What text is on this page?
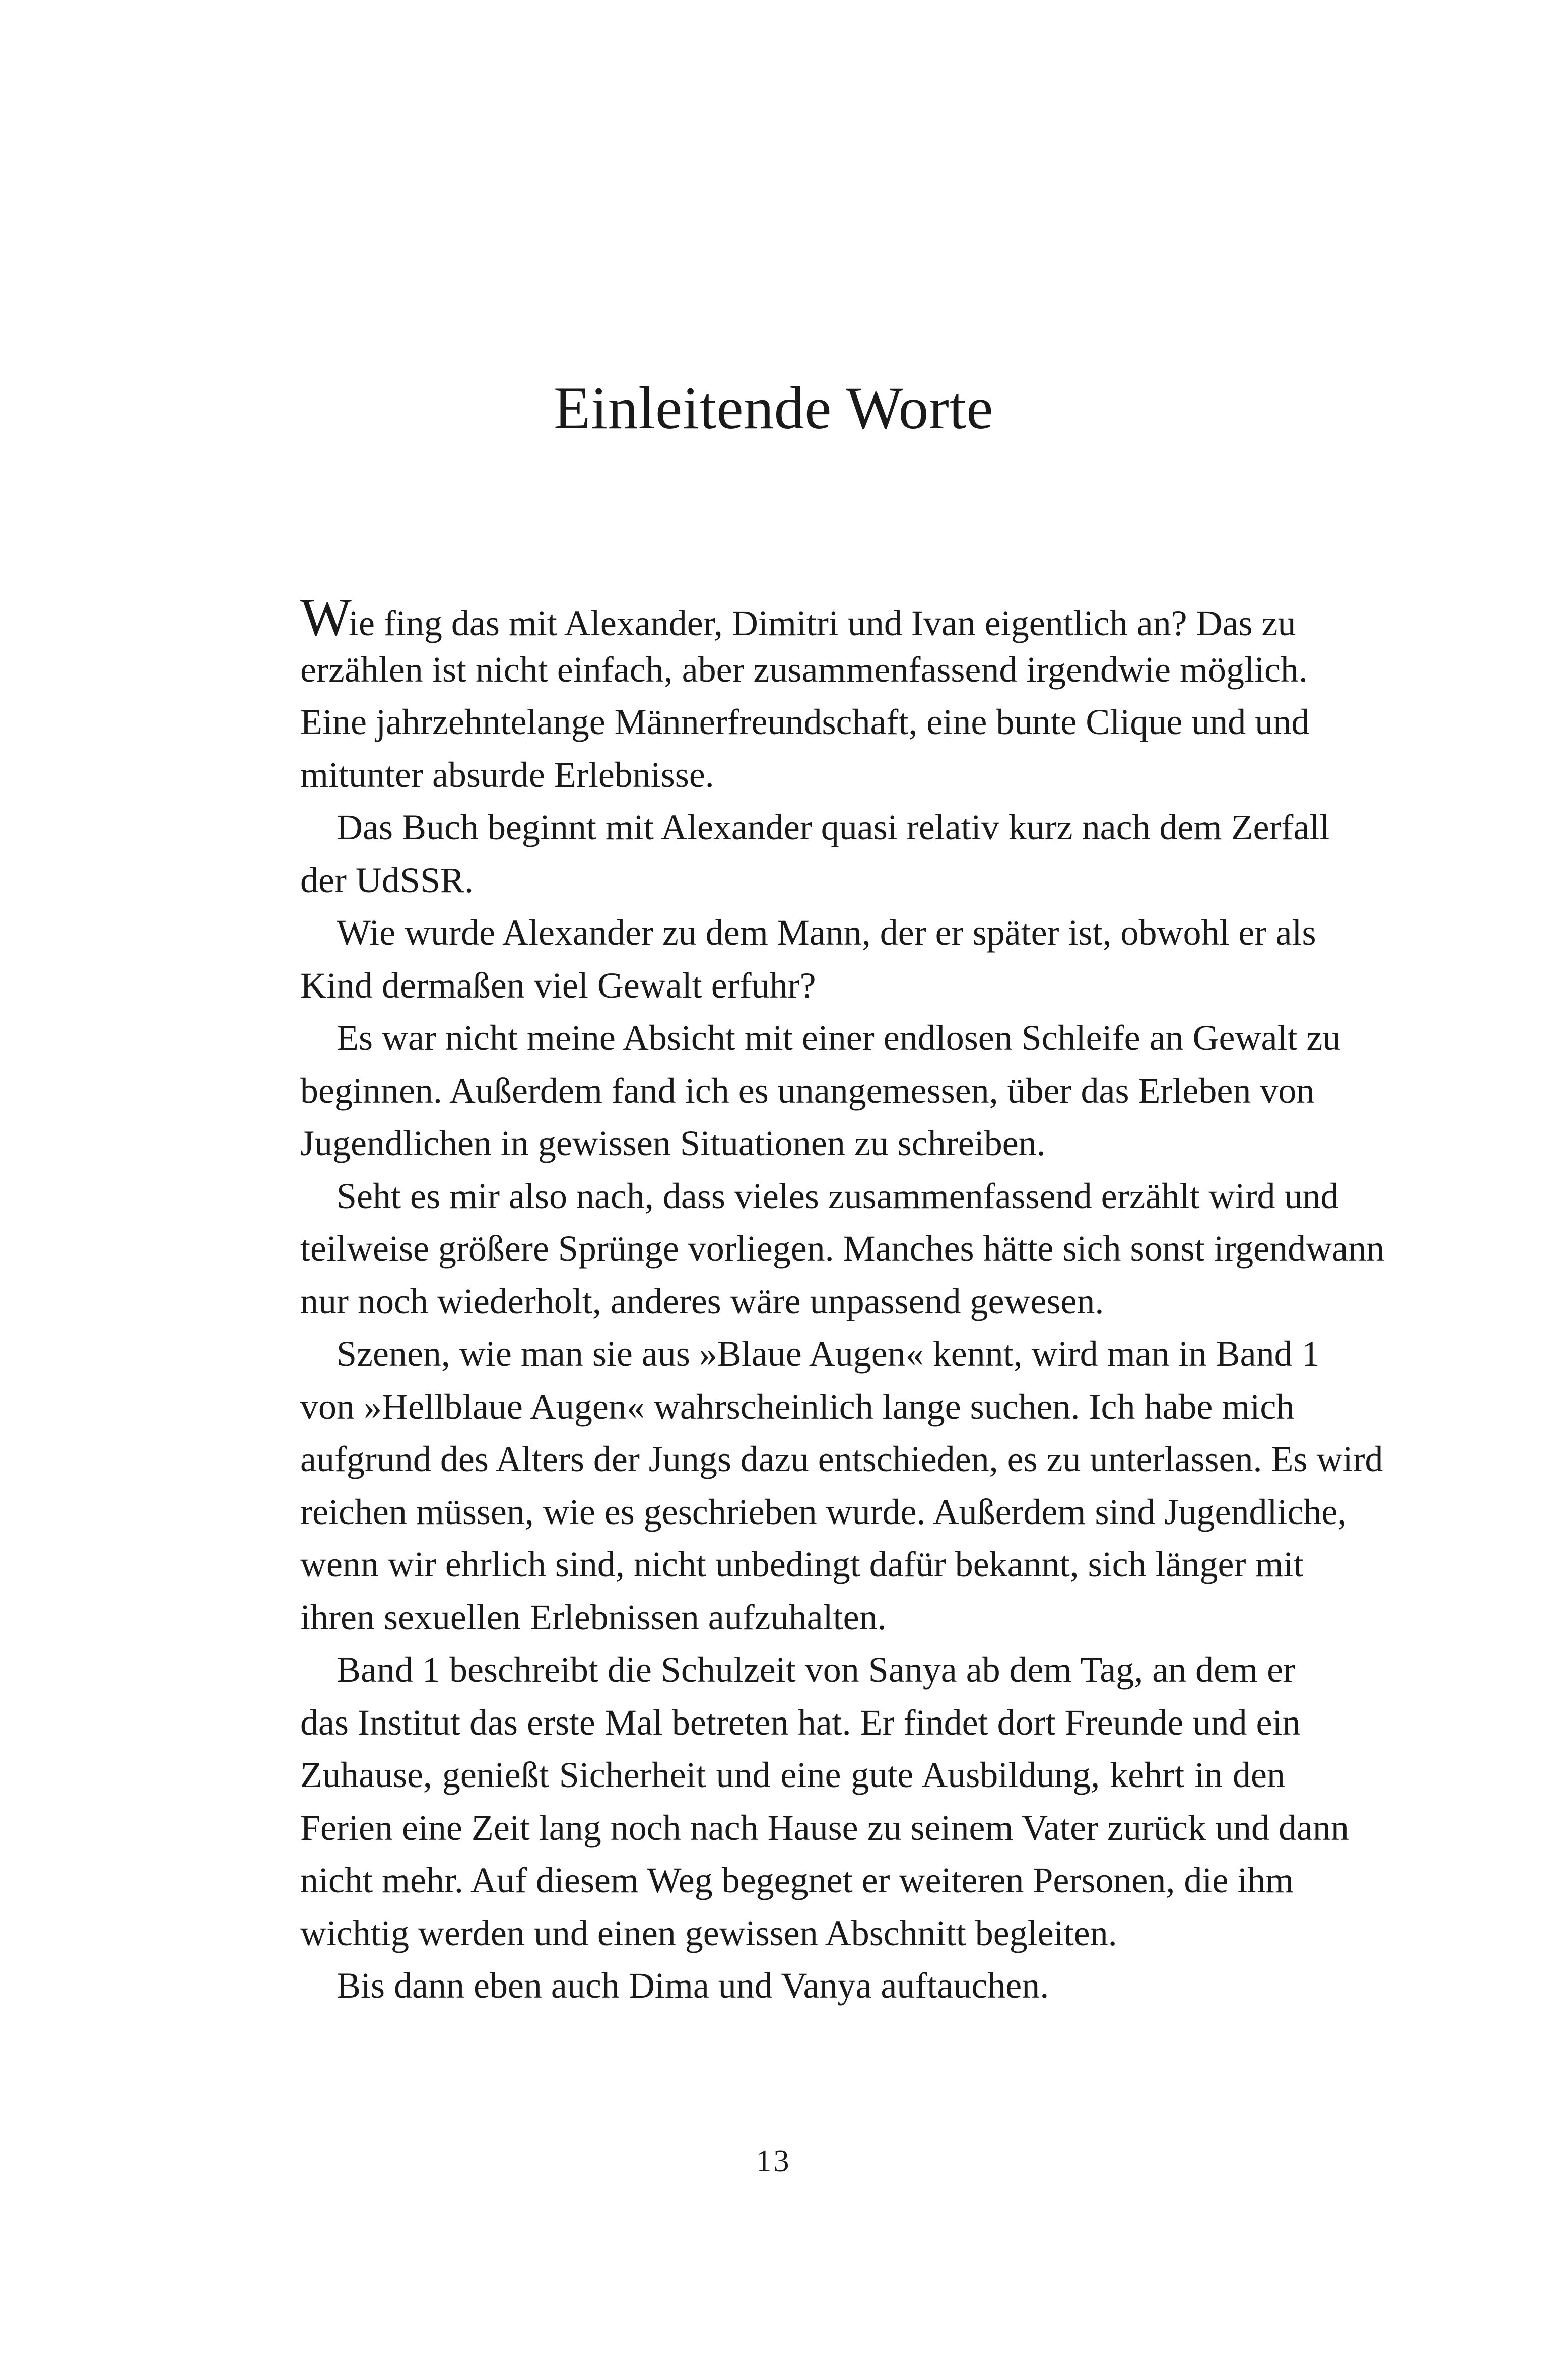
Einleitende Worte
Wie fing das mit Alexander, Dimitri und Ivan eigentlich an? Das zu
erzählen ist nicht einfach, aber zusammenfassend irgendwie möglich.
Eine jahrzehntelange Männerfreundschaft, eine bunte Clique und und
mitunter absurde Erlebnisse.
Das Buch beginnt mit Alexander quasi relativ kurz nach dem Zerfall
der UdSSR.
Wie wurde Alexander zu dem Mann, der er später ist, obwohl er als
Kind dermaßen viel Gewalt erfuhr?
Es war nicht meine Absicht mit einer endlosen Schleife an Gewalt zu
beginnen. Außerdem fand ich es unangemessen, über das Erleben von
Jugendlichen in gewissen Situationen zu schreiben.
Seht es mir also nach, dass vieles zusammenfassend erzählt wird und
teilweise größere Sprünge vorliegen. Manches hätte sich sonst irgendwann
nur noch wiederholt, anderes wäre unpassend gewesen.
Szenen, wie man sie aus »Blaue Augen« kennt, wird man in Band 1
von »Hellblaue Augen« wahrscheinlich lange suchen. Ich habe mich
aufgrund des Alters der Jungs dazu entschieden, es zu unterlassen. Es wird
reichen müssen, wie es geschrieben wurde. Außerdem sind Jugendliche,
wenn wir ehrlich sind, nicht unbedingt dafür bekannt, sich länger mit
ihren sexuellen Erlebnissen aufzuhalten.
Band 1 beschreibt die Schulzeit von Sanya ab dem Tag, an dem er
das Institut das erste Mal betreten hat. Er findet dort Freunde und ein
Zuhause, genießt Sicherheit und eine gute Ausbildung, kehrt in den
Ferien eine Zeit lang noch nach Hause zu seinem Vater zurück und dann
nicht mehr. Auf diesem Weg begegnet er weiteren Personen, die ihm
wichtig werden und einen gewissen Abschnitt begleiten.
Bis dann eben auch Dima und Vanya auftauchen.
13
